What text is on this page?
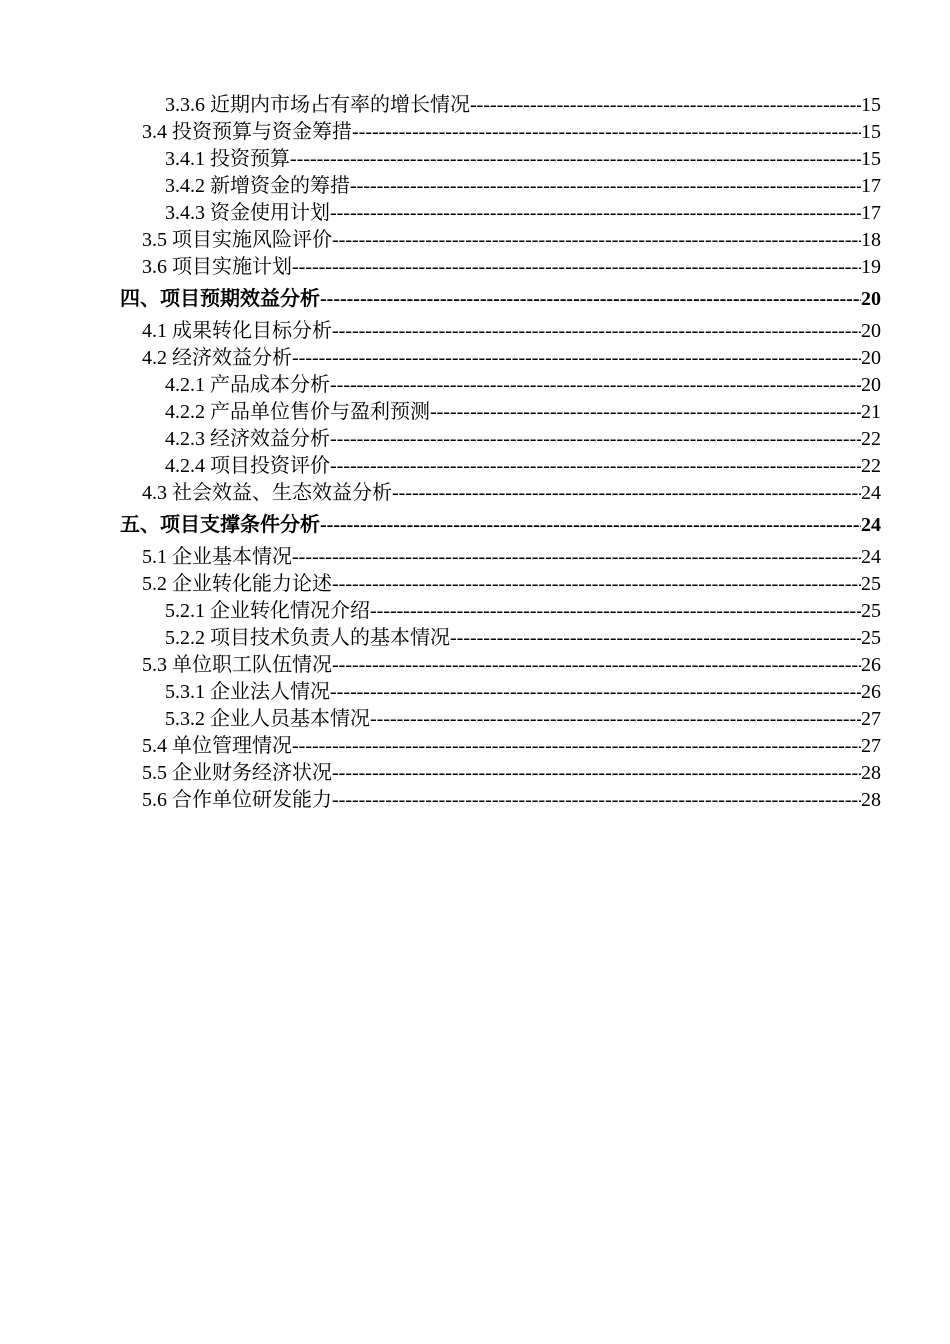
3.3.6 近期内市场占有率的增长情况 -----	15
3.4 投资预算与资金筹措 -----	15
3.4.1 投资预算 -----	15
3.4.2 新增资金的筹措 -----	17
3.4.3 资金使用计划 -----	17
3.5 项目实施风险评价 -----	18
3.6 项目实施计划 -----	19
四、项目预期效益分析 -----	20
4.1 成果转化目标分析 -----	20
4.2 经济效益分析 -----	20
4.2.1 产品成本分析 -----	20
4.2.2 产品单位售价与盈利预测 -----	21
4.2.3 经济效益分析 -----	22
4.2.4 项目投资评价 -----	22
4.3 社会效益、生态效益分析 -----	24
五、项目支撑条件分析 -----	24
5.1 企业基本情况 -----	24
5.2 企业转化能力论述 -----	25
5.2.1 企业转化情况介绍 -----	25
5.2.2 项目技术负责人的基本情况 -----	25
5.3 单位职工队伍情况 -----	26
5.3.1 企业法人情况 -----	26
5.3.2 企业人员基本情况 -----	27
5.4 单位管理情况 -----	27
5.5 企业财务经济状况 -----	28
5.6 合作单位研发能力 -----	28
